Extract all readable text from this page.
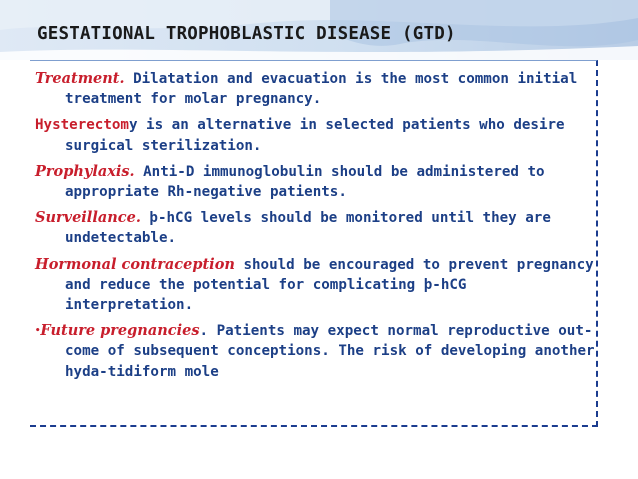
GESTATIONAL TROPHOBLASTIC DISEASE (GTD)
Treatment. Dilatation and evacuation is the most common initial treatment for molar pregnancy.
Hysterectomy is an alternative in selected patients who desire surgical sterilization.
Prophylaxis. Anti-D immunoglobulin should be administered to appropriate Rh-negative patients.
Surveillance. þ-hCG levels should be monitored until they are undetectable.
Hormonal contraception should be encouraged to prevent pregnancy and reduce the potential for complicating þ-hCG interpretation.
•Future pregnancies. Patients may expect normal reproductive out-come of subsequent conceptions. The risk of developing another hyda-tidiform mole
